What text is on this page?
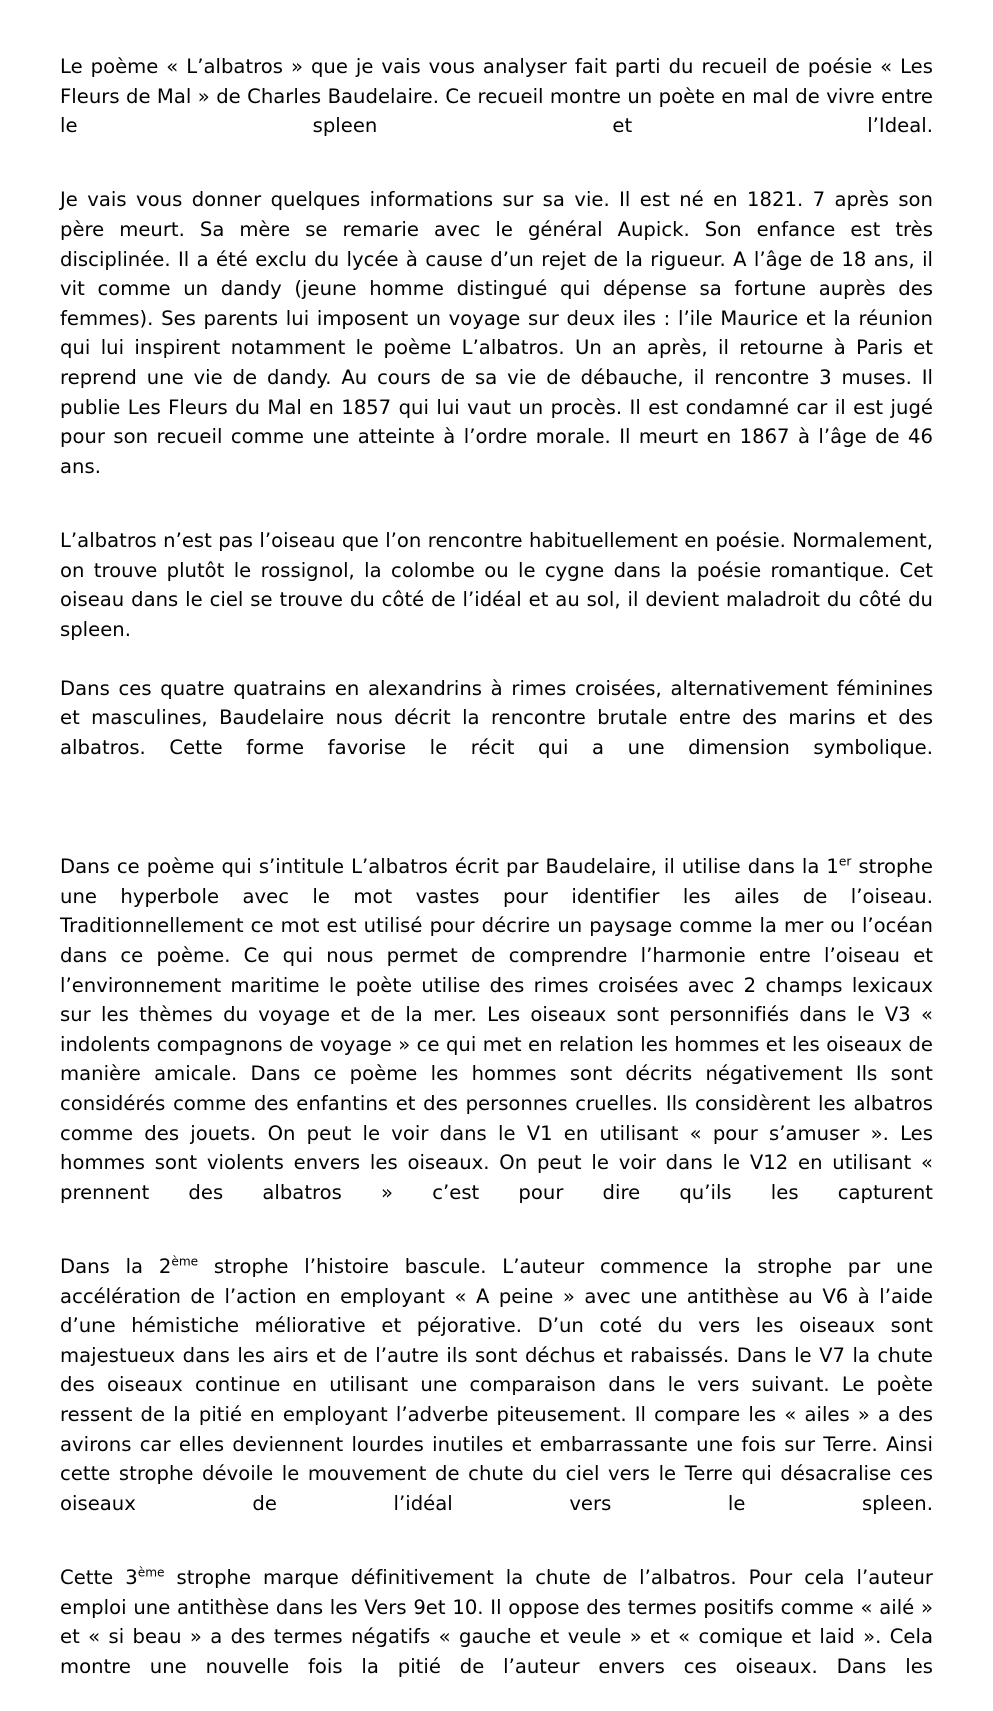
Le poème « L’albatros » que je vais vous analyser fait parti du recueil de poésie « Les Fleurs de Mal » de Charles Baudelaire. Ce recueil montre un poète en mal de vivre entre le spleen et l’Ideal.

Je vais vous donner quelques informations sur sa vie. Il est né en 1821. 7 après son père meurt. Sa mère se remarie avec le général Aupick. Son enfance est très disciplinée. Il a été exclu du lycée à cause d’un rejet de la rigueur. A l’âge de 18 ans, il vit comme un dandy (jeune homme distingué qui dépense sa fortune auprès des femmes). Ses parents lui imposent un voyage sur deux iles : l’ile Maurice et la réunion qui lui inspirent notamment le poème L’albatros. Un an après, il retourne à Paris et reprend une vie de dandy. Au cours de sa vie de débauche, il rencontre 3 muses. Il publie Les Fleurs du Mal en 1857 qui lui vaut un procès. Il est condamné car il est jugé pour son recueil comme une atteinte à l’ordre morale. Il meurt en 1867 à l’âge de 46 ans.

L’albatros n’est pas l’oiseau que l’on rencontre habituellement en poésie. Normalement, on trouve plutôt le rossignol, la colombe ou le cygne dans la poésie romantique. Cet oiseau dans le ciel se trouve du côté de l’idéal et au sol, il devient maladroit du côté du spleen.

Dans ces quatre quatrains en alexandrins à rimes croisées, alternativement féminines et masculines, Baudelaire nous décrit la rencontre brutale entre des marins et des albatros. Cette forme favorise le récit qui a une dimension symbolique.

Dans ce poème qui s’intitule L’albatros écrit par Baudelaire, il utilise dans la 1er strophe une hyperbole avec le mot vastes pour identifier les ailes de l’oiseau. Traditionnellement ce mot est utilisé pour décrire un paysage comme la mer ou l’océan dans ce poème. Ce qui nous permet de comprendre l’harmonie entre l’oiseau et l’environnement maritime le poète utilise des rimes croisées avec 2 champs lexicaux sur les thèmes du voyage et de la mer. Les oiseaux sont personnifiés dans le V3 « indolents compagnons de voyage » ce qui met en relation les hommes et les oiseaux de manière amicale. Dans ce poème les hommes sont décrits négativement Ils sont considérés comme des enfantins et des personnes cruelles. Ils considèrent les albatros comme des jouets. On peut le voir dans le V1 en utilisant « pour s’amuser ». Les hommes sont violents envers les oiseaux. On peut le voir dans le V12 en utilisant « prennent des albatros » c’est pour dire qu’ils les capturent

Dans la 2ème strophe l’histoire bascule. L’auteur commence la strophe par une accélération de l’action en employant « A peine » avec une antithèse au V6 à l’aide d’une hémistiche méliorative et péjorative. D’un coté du vers les oiseaux sont majestueux dans les airs et de l’autre ils sont déchus et rabaissés. Dans le V7 la chute des oiseaux continue en utilisant une comparaison dans le vers suivant. Le poète ressent de la pitié en employant l’adverbe piteusement. Il compare les « ailes » a des avirons car elles deviennent lourdes inutiles et embarrassante une fois sur Terre. Ainsi cette strophe dévoile le mouvement de chute du ciel vers le Terre qui désacralise ces oiseaux de l’idéal vers le spleen.

Cette 3ème strophe marque définitivement la chute de l’albatros. Pour cela l’auteur emploi une antithèse dans les Vers 9et 10. Il oppose des termes positifs comme « ailé » et « si beau » a des termes négatifs « gauche et veule » et « comique et laid ». Cela montre une nouvelle fois la pitié de l’auteur envers ces oiseaux. Dans les
